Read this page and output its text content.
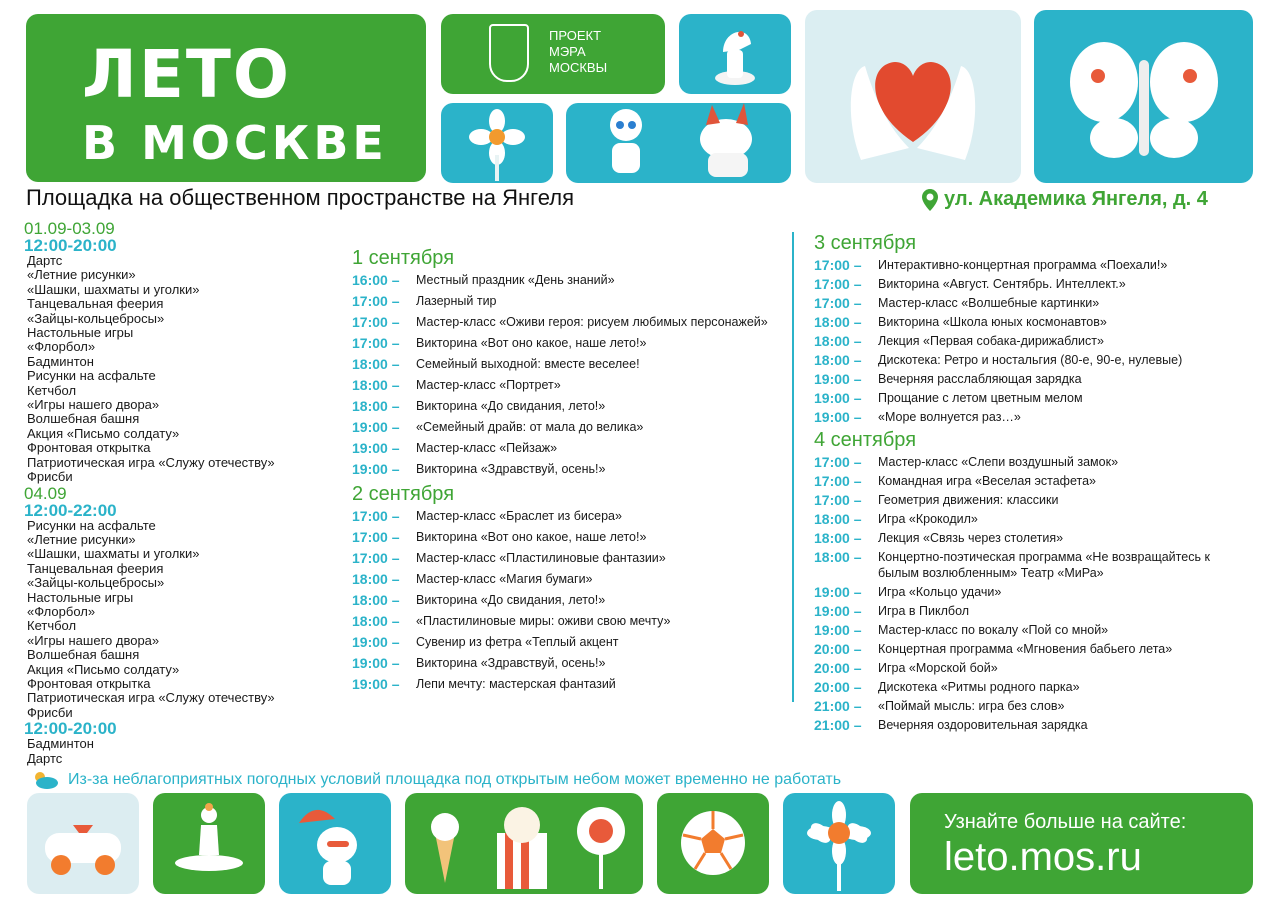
ЛЕТО
В МОСКВЕ
ПРОЕКТ
МЭРА
МОСКВЫ
Площадка на общественном пространстве на Янгеля	ул. Академика Янгеля, д. 4
01.09-03.09
12:00-20:00
Дартс
«Летние рисунки»
«Шашки, шахматы и уголки»
Танцевальная феерия
«Зайцы-кольцебросы»
Настольные игры
«Флорбол»
Бадминтон
Рисунки на асфальте
Кетчбол
«Игры нашего двора»
Волшебная башня
Акция «Письмо солдату»
Фронтовая открытка
Патриотическая игра «Служу отечеству»
Фрисби
04.09
12:00-22:00
Рисунки на асфальте
«Летние рисунки»
«Шашки, шахматы и уголки»
Танцевальная феерия
«Зайцы-кольцебросы»
Настольные игры
«Флорбол»
Кетчбол
«Игры нашего двора»
Волшебная башня
Акция «Письмо солдату»
Фронтовая открытка
Патриотическая игра «Служу отечеству»
Фрисби
12:00-20:00
Бадминтон
Дартс
1 сентября
16:00 –	Местный праздник «День знаний»
17:00 –	Лазерный тир
17:00 –	Мастер-класс «Оживи героя: рисуем любимых персонажей»
17:00 –	Викторина «Вот оно какое, наше лето!»
18:00 –	Семейный выходной: вместе веселее!
18:00 –	Мастер-класс «Портрет»
18:00 –	Викторина «До свидания, лето!»
19:00 –	«Семейный драйв: от мала до велика»
19:00 –	Мастер-класс «Пейзаж»
19:00 –	Викторина «Здравствуй, осень!»
2 сентября
17:00 –	Мастер-класс «Браслет из бисера»
17:00 –	Викторина «Вот оно какое, наше лето!»
17:00 –	Мастер-класс «Пластилиновые фантазии»
18:00 –	Мастер-класс «Магия бумаги»
18:00 –	Викторина «До свидания, лето!»
18:00 –	«Пластилиновые миры: оживи свою мечту»
19:00 –	Сувенир из фетра «Теплый акцент
19:00 –	Викторина «Здравствуй, осень!»
19:00 –	Лепи мечту: мастерская фантазий
3 сентября
17:00 –	Интерактивно-концертная программа «Поехали!»
17:00 –	Викторина «Август. Сентябрь. Интеллект.»
17:00 –	Мастер-класс «Волшебные картинки»
18:00 –	Викторина «Школа юных космонавтов»
18:00 –	Лекция «Первая собака-дирижаблист»
18:00 –	Дискотека: Ретро и ностальгия (80-е, 90-е, нулевые)
19:00 –	Вечерняя расслабляющая зарядка
19:00 –	Прощание с летом цветным мелом
19:00 –	«Море волнуется раз…»
4 сентября
17:00 –	Мастер-класс «Слепи воздушный замок»
17:00 –	Командная игра «Веселая эстафета»
17:00 –	Геометрия движения: классики
18:00 –	Игра «Крокодил»
18:00 –	Лекция «Связь через столетия»
18:00 –	Концертно-поэтическая программа «Не возвращайтесь к былым возлюбленным» Театр «МиРа»
19:00 –	Игра «Кольцо удачи»
19:00 –	Игра в Пиклбол
19:00 –	Мастер-класс по вокалу «Пой со мной»
20:00 –	Концертная программа «Мгновения бабьего лета»
20:00 –	Игра «Морской бой»
20:00 –	Дискотека «Ритмы родного парка»
21:00 –	«Поймай мысль: игра без слов»
21:00 –	Вечерняя оздоровительная зарядка
Из-за неблагоприятных погодных условий площадка под открытым небом может временно не работать
Узнайте больше на сайте:
leto.mos.ru
